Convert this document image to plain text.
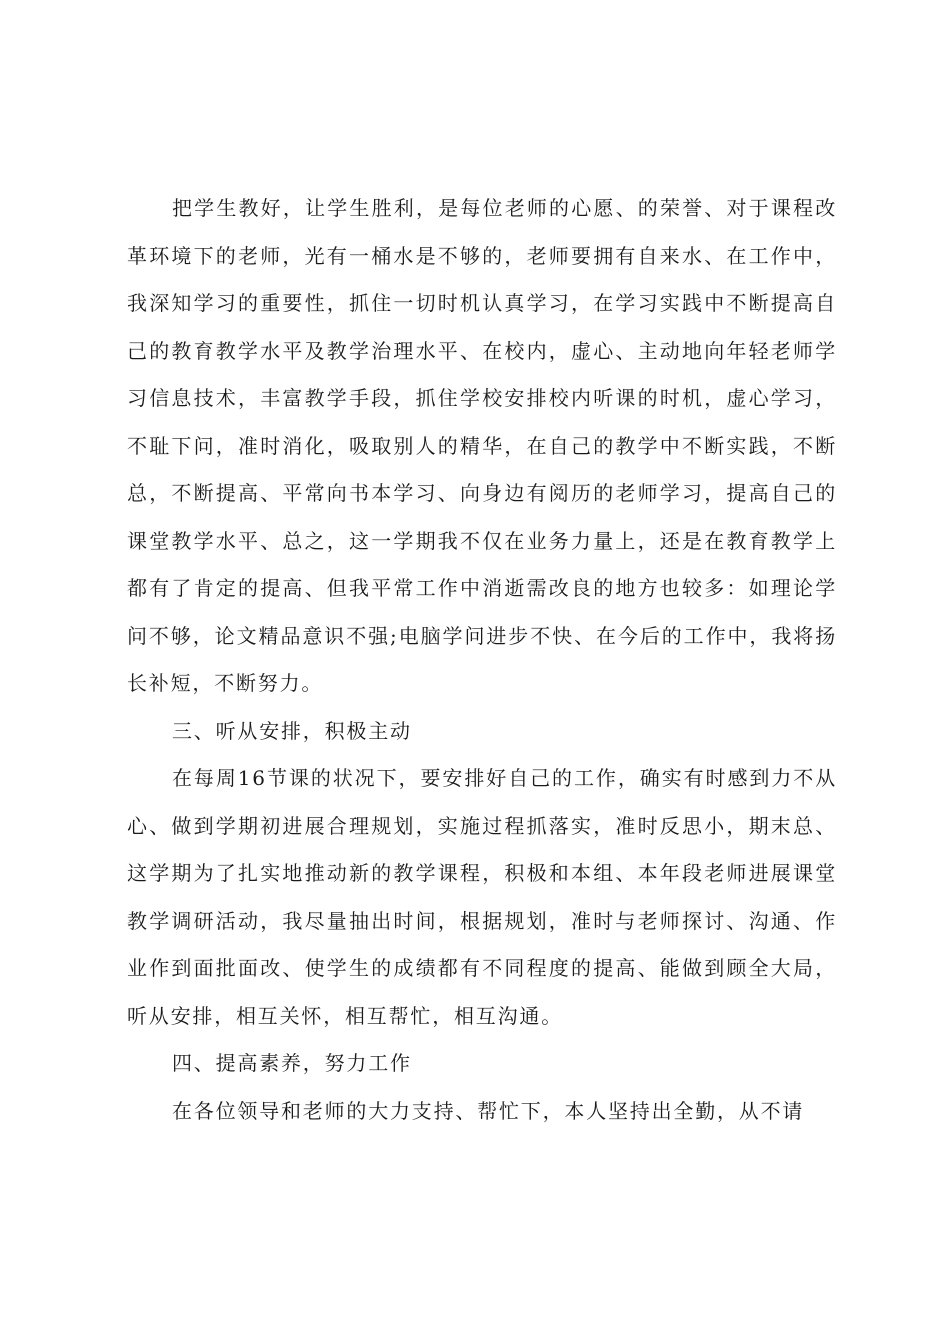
把学生教好，让学生胜利，是每位老师的心愿、的荣誉、对于课程改革环境下的老师，光有一桶水是不够的，老师要拥有自来水、在工作中，我深知学习的重要性，抓住一切时机认真学习，在学习实践中不断提高自己的教育教学水平及教学治理水平、在校内，虚心、主动地向年轻老师学习信息技术，丰富教学手段，抓住学校安排校内听课的时机，虚心学习，不耻下问，准时消化，吸取别人的精华，在自己的教学中不断实践，不断总，不断提高、平常向书本学习、向身边有阅历的老师学习，提高自己的课堂教学水平、总之，这一学期我不仅在业务力量上，还是在教育教学上都有了肯定的提高、但我平常工作中消逝需改良的地方也较多：如理论学问不够，论文精品意识不强;电脑学问进步不快、在今后的工作中，我将扬长补短，不断努力。

三、听从安排，积极主动

在每周16节课的状况下，要安排好自己的工作，确实有时感到力不从心、做到学期初进展合理规划，实施过程抓落实，准时反思小，期末总、这学期为了扎实地推动新的教学课程，积极和本组、本年段老师进展课堂教学调研活动，我尽量抽出时间，根据规划，准时与老师探讨、沟通、作业作到面批面改、使学生的成绩都有不同程度的提高、能做到顾全大局，听从安排，相互关怀，相互帮忙，相互沟通。

四、提高素养，努力工作

在各位领导和老师的大力支持、帮忙下，本人坚持出全勤，从不请
